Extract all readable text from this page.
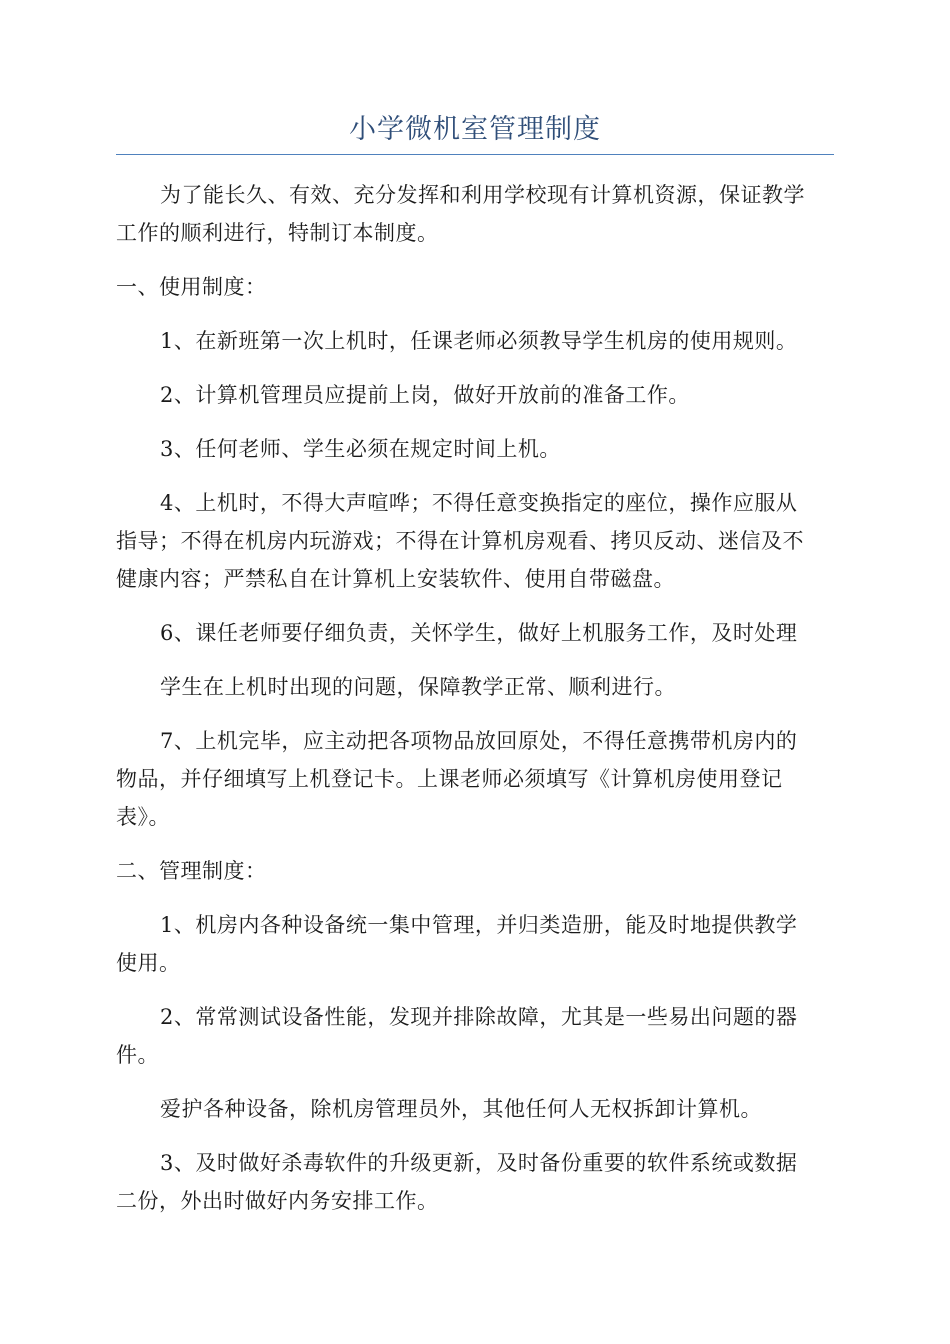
小学微机室管理制度

为了能长久、有效、充分发挥和利用学校现有计算机资源，保证教学
工作的顺利进行，特制订本制度。

一、使用制度：

1、在新班第一次上机时，任课老师必须教导学生机房的使用规则。

2、计算机管理员应提前上岗，做好开放前的准备工作。

3、任何老师、学生必须在规定时间上机。

4、上机时，不得大声喧哗；不得任意变换指定的座位，操作应服从
指导；不得在机房内玩游戏；不得在计算机房观看、拷贝反动、迷信及不
健康内容；严禁私自在计算机上安装软件、使用自带磁盘。

6、课任老师要仔细负责，关怀学生，做好上机服务工作，及时处理

学生在上机时出现的问题，保障教学正常、顺利进行。

7、上机完毕，应主动把各项物品放回原处，不得任意携带机房内的
物品，并仔细填写上机登记卡。上课老师必须填写《计算机房使用登记
表》。

二、管理制度：

1、机房内各种设备统一集中管理，并归类造册，能及时地提供教学
使用。

2、常常测试设备性能，发现并排除故障，尤其是一些易出问题的器
件。

爱护各种设备，除机房管理员外，其他任何人无权拆卸计算机。

3、及时做好杀毒软件的升级更新，及时备份重要的软件系统或数据
二份，外出时做好内务安排工作。
